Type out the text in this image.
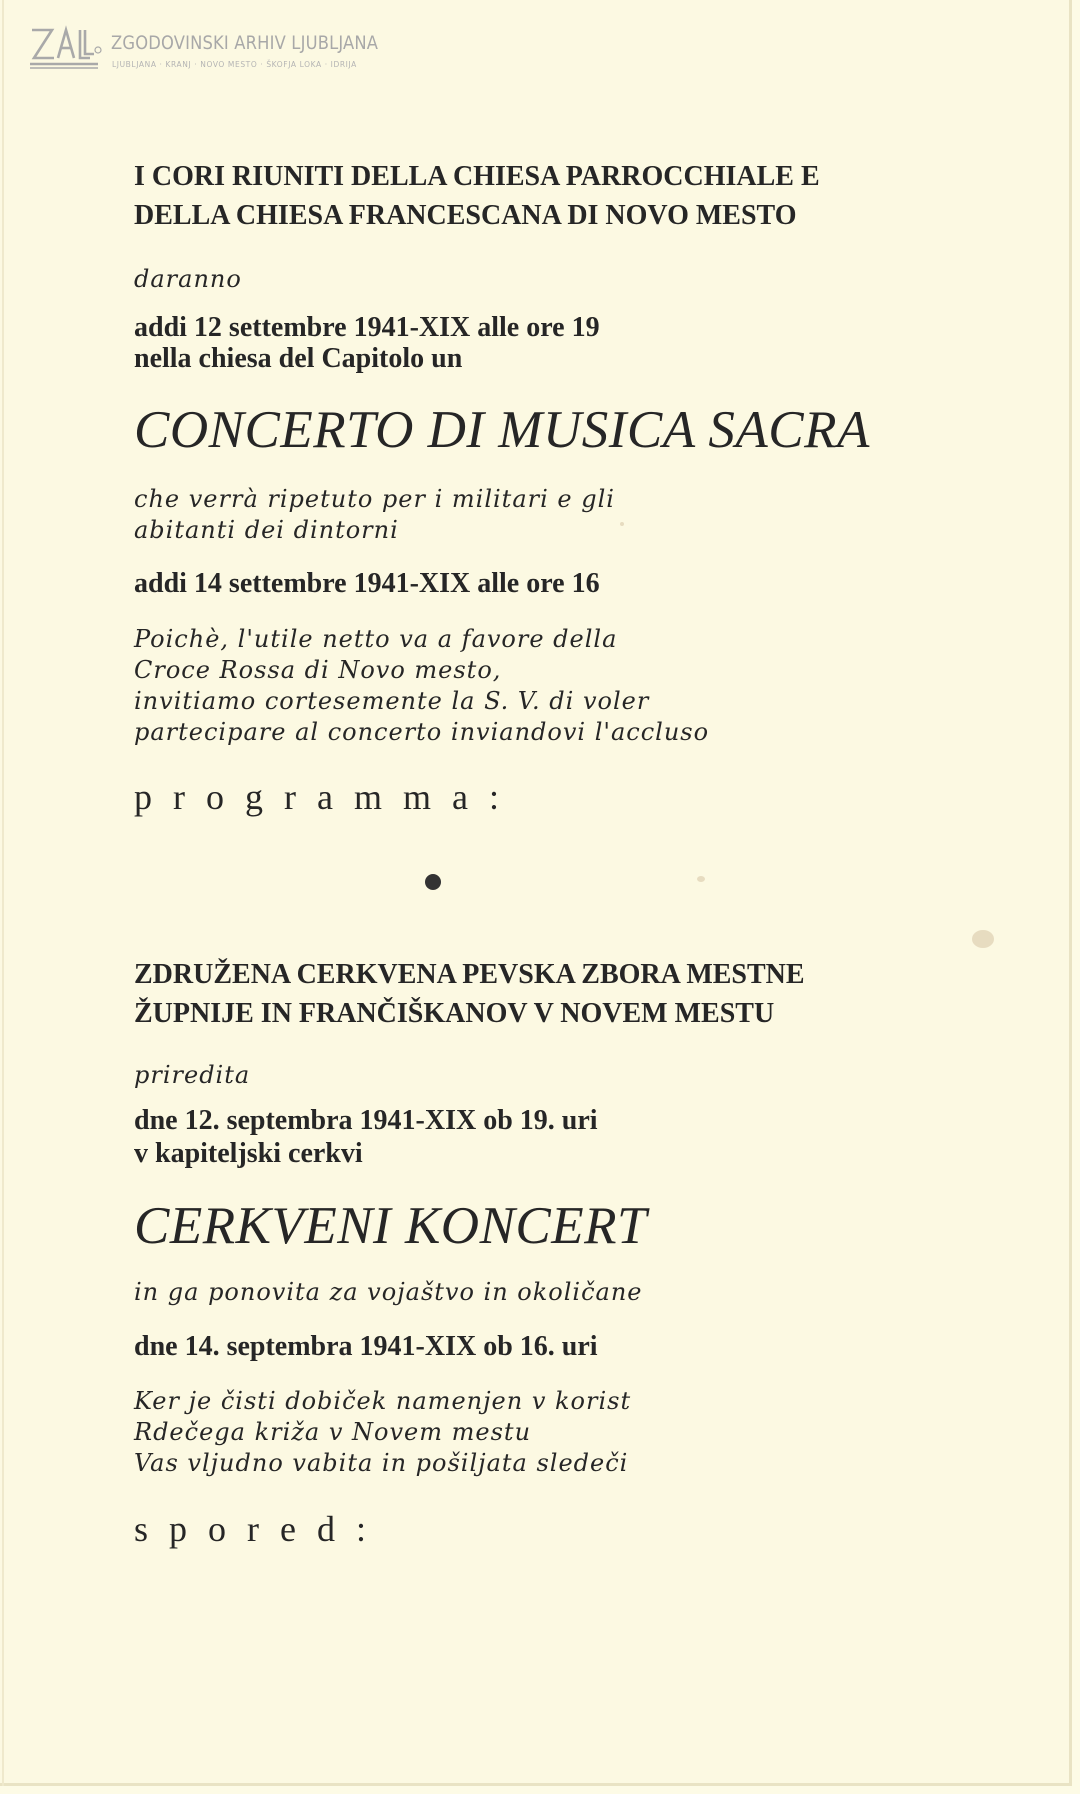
ZGODOVINSKI ARHIV LJUBLJANA
LJUBLJANA · KRANJ · NOVO MESTO · ŠKOFJA LOKA · IDRIJA

I CORI RIUNITI DELLA CHIESA PARROCCHIALE E

DELLA CHIESA FRANCESCANA DI NOVO MESTO

daranno

addi 12 settembre 1941-XIX alle ore 19

nella chiesa del Capitolo un

CONCERTO DI MUSICA SACRA

che verrà ripetuto per i militari e gli

abitanti dei dintorni

addi 14 settembre 1941-XIX alle ore 16

Poichè, l'utile netto va a favore della

Croce Rossa di Novo mesto,

invitiamo cortesemente la S. V. di voler

partecipare al concerto inviandovi l'accluso

programma:

ZDRUŽENA CERKVENA PEVSKA ZBORA MESTNE

ŽUPNIJE IN FRANČIŠKANOV V NOVEM MESTU

priredita

dne 12. septembra 1941-XIX ob 19. uri

v kapiteljski cerkvi

CERKVENI KONCERT

in ga ponovita za vojaštvo in okoličane

dne 14. septembra 1941-XIX ob 16. uri

Ker je čisti dobiček namenjen v korist

Rdečega križa v Novem mestu

Vas vljudno vabita in pošiljata sledeči

spored:
